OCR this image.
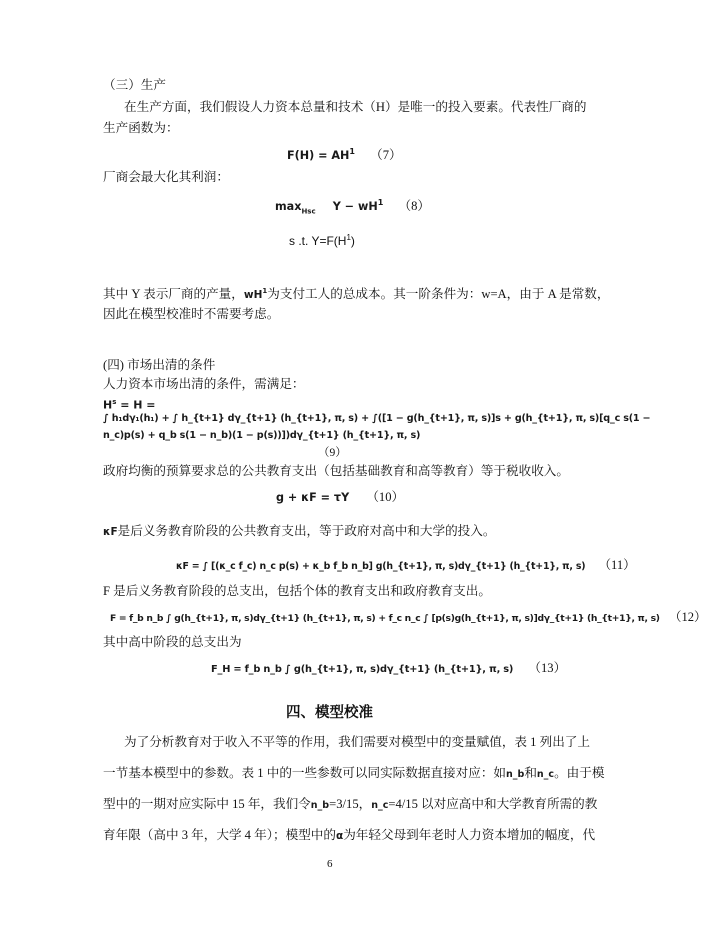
（三）生产
在生产方面，我们假设人力资本总量和技术（H）是唯一的投入要素。代表性厂商的
生产函数为：
$F(H) = AH^1$ （7）
厂商会最大化其利润：
$\max_{Hsc} Y - wH^1$ （8）
s .t. $Y=F(H^1)$
其中 Y 表示厂商的产量，$wH^1$为支付工人的总成本。其一阶条件为：w=A，由于 A 是常数，
因此在模型校准时不需要考虑。
(四) 市场出清的条件
人力资本市场出清的条件，需满足：
$H^s = H$ =
∫ h₁dγ₁(h₁) + ∫ h_{t+1} dγ_{t+1} (h_{t+1}, π, s) + ∫([1 − g(h_{t+1}, π, s)]s + g(h_{t+1}, π, s)[q_c s(1 −
n_c)p(s) + q_b s(1 − n_b)(1 − p(s))])dγ_{t+1} (h_{t+1}, π, s)
（9）
政府均衡的预算要求总的公共教育支出（包括基础教育和高等教育）等于税收收入。
g + κF = τY （10）
κF是后义务教育阶段的公共教育支出，等于政府对高中和大学的投入。
κF = ∫ [(κ_c f_c) n_c p(s) + κ_b f_b n_b] g(h_{t+1}, π, s)dγ_{t+1} (h_{t+1}, π, s) （11）
F 是后义务教育阶段的总支出，包括个体的教育支出和政府教育支出。
F = f_b n_b ∫ g(h_{t+1}, π, s)dγ_{t+1} (h_{t+1}, π, s) + f_c n_c ∫ [p(s)g(h_{t+1}, π, s)]dγ_{t+1} (h_{t+1}, π, s) （12）
其中高中阶段的总支出为
F_H = f_b n_b ∫ g(h_{t+1}, π, s)dγ_{t+1} (h_{t+1}, π, s) （13）
四、模型校准
为了分析教育对于收入不平等的作用，我们需要对模型中的变量赋值，表 1 列出了上
一节基本模型中的参数。表 1 中的一些参数可以同实际数据直接对应：如n_b和n_c。由于模
型中的一期对应实际中 15 年，我们令n_b=3/15，n_c=4/15 以对应高中和大学教育所需的教
育年限（高中 3 年，大学 4 年）；模型中的α为年轻父母到年老时人力资本增加的幅度，代
6
